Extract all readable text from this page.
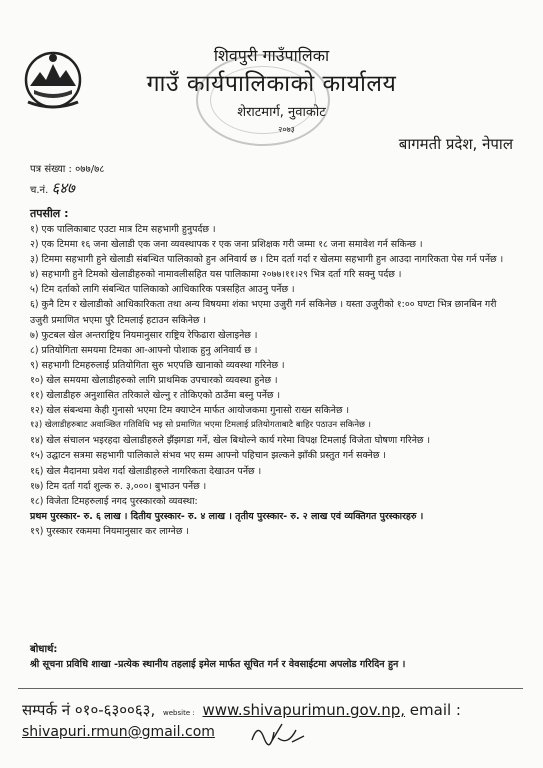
शिवपुरी गाउँपालिका
गाउँ कार्यपालिकाको कार्यालय
शेराटमार्ग, नुवाकोट
२०७३
बागमती प्रदेश, नेपाल
पत्र संख्या : ०७७/७८
च.नं. ६४७
तपसील :

१) एक पालिकाबाट एउटा मात्र टिम सहभागी हुनुपर्दछ ।

२) एक टिममा १६ जना खेलाडी एक जना व्यवस्थापक र एक जना प्रशिक्षक गरी जम्मा १८ जना समावेश गर्न सकिन्छ ।

३) टिममा सहभागी हुने खेलाडी संबन्धित पालिकाको हुन अनिवार्य छ । टिम दर्ता गर्दा र खेलमा सहभागी हुन आउदा नागरिकता पेस गर्न पर्नेछ ।

४) सहभागी हुने टिमको खेलाडीहरुको नामावलीसहित यस पालिकामा २०७७।११।२९ भित्र दर्ता गरि सक्नु पर्दछ ।

५) टिम दर्ताको लागि संबन्धित पालिकाको आधिकारिक पत्रसहित आउनु पर्नेछ ।

६) कुनै टिम र खेलाडीको आधिकारिकता तथा अन्य विषयमा शंका भएमा उजुरी गर्न सकिनेछ । यस्ता उजुरीको १:०० घण्टा भित्र छानबिन गरी उजुरी प्रमाणित भएमा पुरै टिमलाई हटाउन सकिनेछ ।

७) फुटबल खेल अन्तराष्ट्रिय नियमानुसार राष्ट्रिय रेफिढारा खेलाइनेछ ।

८) प्रतियोगिता समयमा टिमका आ-आफ्नो पोशाक हुनु अनिवार्य छ ।

९) सहभागी टिमहरुलाई प्रतियोगिता सुरु भएपछि खानाको व्यवस्था गरिनेछ ।

१०) खेल समयमा खेलाडीहरुको लागि प्राथमिक उपचारको व्यवस्था हुनेछ ।

११) खेलाडीहरु अनुशासित तरिकाले खेल्नु र तोकिएको ठाउँमा बस्नु पर्नेछ ।

१२) खेल संबन्धमा केही गुनासो भएमा टिम क्याप्टेन मार्फत आयोजकमा गुनासो राख्न सकिनेछ ।

१३) खेलाडीहरुबाट अवाञ्छित गतिविधि भइ सो प्रमाणित भएमा टिमलाई प्रतियोगताबाटै बाहिर पठाउन सकिनेछ ।

१४) खेल संचालन भइरहदा खेलाडीहरुले झैंझगडा गर्ने, खेल बिथोल्ने कार्य गरेमा विपक्ष टिमलाई विजेता घोषणा गरिनेछ ।

१५) उद्घाटन सत्रमा सहभागी पालिकाले संभव भए सम्म आफ्नो पहिचान झल्कने झाँकी प्रस्तुत गर्न सक्नेछ ।

१६) खेल मैदानमा प्रवेश गर्दा खेलाडीहरुले नागरिकता देखाउन पर्नेछ ।

१७) टिम दर्ता गर्दा शुल्क रु. ३,०००। बुभाउन पर्नेछ ।

१८) विजेता टिमहरुलाई नगद पुरस्कारको व्यवस्था:

प्रथम पुरस्कार- रु. ६ लाख । दितीय पुरस्कार- रु. ४ लाख । तृतीय पुरस्कार- रु. २ लाख एवं व्यक्तिगत पुरस्कारहरु ।

१९) पुरस्कार रकममा नियमानुसार कर लाग्नेछ ।

बोधार्थ:
श्री सूचना प्रविधि शाखा -प्रत्येक स्थानीय तहलाई इमेल मार्फत सूचित गर्न र वेवसाईटमा अपलोड गरिदिन हुन ।
सम्पर्क नं ०१०-६३००६३, website : www.shivapurimun.gov.np, email :
shivapuri.rmun@gmail.com
